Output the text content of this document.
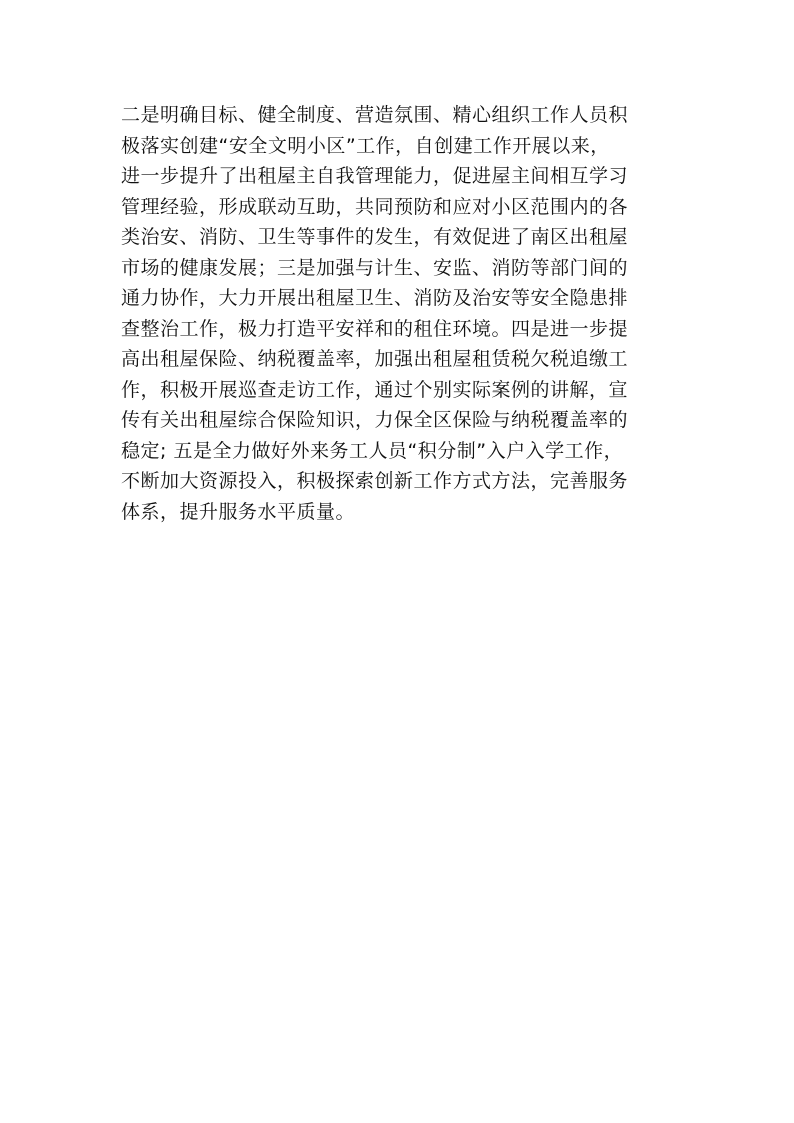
二是明确目标、健全制度、营造氛围、精心组织工作人员积
极落实创建“安全文明小区”工作，自创建工作开展以来，
进一步提升了出租屋主自我管理能力，促进屋主间相互学习
管理经验，形成联动互助，共同预防和应对小区范围内的各
类治安、消防、卫生等事件的发生，有效促进了南区出租屋
市场的健康发展；三是加强与计生、安监、消防等部门间的
通力协作，大力开展出租屋卫生、消防及治安等安全隐患排
查整治工作，极力打造平安祥和的租住环境。四是进一步提
高出租屋保险、纳税覆盖率，加强出租屋租赁税欠税追缴工
作，积极开展巡查走访工作，通过个别实际案例的讲解，宣
传有关出租屋综合保险知识，力保全区保险与纳税覆盖率的
稳定; 五是全力做好外来务工人员“积分制”入户入学工作，
不断加大资源投入，积极探索创新工作方式方法，完善服务
体系，提升服务水平质量。
